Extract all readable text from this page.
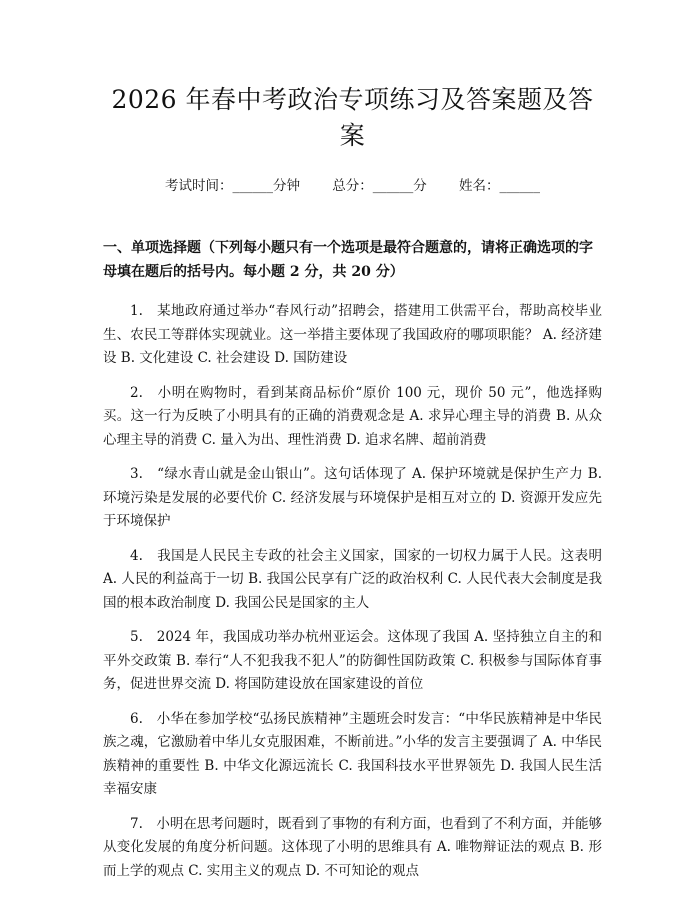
2026 年春中考政治专项练习及答案题及答案
考试时间：______分钟 总分：______分 姓名：______
一、单项选择题（下列每小题只有一个选项是最符合题意的，请将正确选项的字母填在题后的括号内。每小题 2 分，共 20 分）

1.　某地政府通过举办“春风行动”招聘会，搭建用工供需平台，帮助高校毕业生、农民工等群体实现就业。这一举措主要体现了我国政府的哪项职能？ A. 经济建设 B. 文化建设 C. 社会建设 D. 国防建设

2.　小明在购物时，看到某商品标价“原价 100 元，现价 50 元”，他选择购买。这一行为反映了小明具有的正确的消费观念是 A. 求异心理主导的消费 B. 从众心理主导的消费 C. 量入为出、理性消费 D. 追求名牌、超前消费

3.　“绿水青山就是金山银山”。这句话体现了 A. 保护环境就是保护生产力 B. 环境污染是发展的必要代价 C. 经济发展与环境保护是相互对立的 D. 资源开发应先于环境保护

4.　我国是人民民主专政的社会主义国家，国家的一切权力属于人民。这表明 A. 人民的利益高于一切 B. 我国公民享有广泛的政治权利 C. 人民代表大会制度是我国的根本政治制度 D. 我国公民是国家的主人

5.　2024 年，我国成功举办杭州亚运会。这体现了我国 A. 坚持独立自主的和平外交政策 B. 奉行“人不犯我我不犯人”的防御性国防政策 C. 积极参与国际体育事务，促进世界交流 D. 将国防建设放在国家建设的首位

6.　小华在参加学校“弘扬民族精神”主题班会时发言：“中华民族精神是中华民族之魂，它激励着中华儿女克服困难，不断前进。”小华的发言主要强调了 A. 中华民族精神的重要性 B. 中华文化源远流长 C. 我国科技水平世界领先 D. 我国人民生活幸福安康

7.　小明在思考问题时，既看到了事物的有利方面，也看到了不利方面，并能够从变化发展的角度分析问题。这体现了小明的思维具有 A. 唯物辩证法的观点 B. 形而上学的观点 C. 实用主义的观点 D. 不可知论的观点
